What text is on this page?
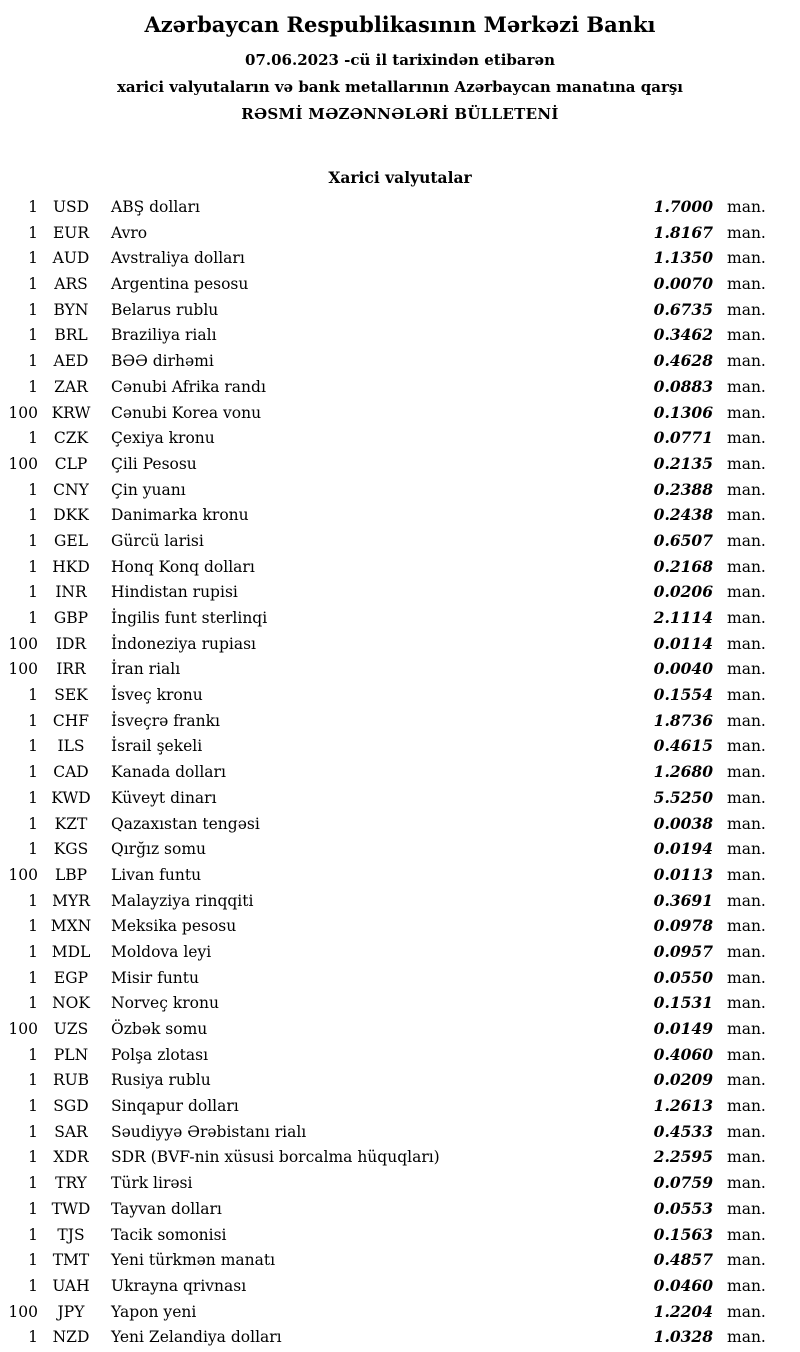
Azərbaycan Respublikasının Mərkəzi Bankı
07.06.2023 -cü il tarixindən etibarən
xarici valyutaların və bank metallarının Azərbaycan manatına qarşı
RƏSMİ MƏZƏNNƏLƏRİ BÜLLETENİ
Xarici valyutalar
1 USD	ABŞ dolları	1.7000 man.
1 EUR	Avro	1.8167 man.
1 AUD	Avstraliya dolları	1.1350 man.
1	ARS	Argentina pesosu	0.0070 man.
1	BYN	Belarus rublu	0.6735 man.
1	BRL	Braziliya rialı	0.3462 man.
1	AED	BƏƏ dirhəmi	0.4628 man.
1	ZAR	Cənubi Afrika randı	0.0883 man.
100 KRW	Cənubi Korea vonu	0.1306 man.
1	CZK	Çexiya kronu	0.0771 man.
100	CLP	Çili Pesosu	0.2135 man.
1 CNY	Çin yuanı	0.2388 man.
1 DKK	Danimarka kronu	0.2438 man.
1	GEL	Gürcü larisi	0.6507 man.
1 HKD	Honq Konq dolları	0.2168 man.
1	INR	Hindistan rupisi	0.0206 man.
1	GBP	İngilis funt sterlinqi	2.1114 man.
100	IDR	İndoneziya rupiası	0.0114 man.
100	IRR	İran rialı	0.0040 man.
1	SEK	İsveç kronu	0.1554 man.
1 CHF	İsveçrə frankı	1.8736 man.
1	ILS	İsrail şekeli	0.4615 man.
1 CAD	Kanada dolları	1.2680 man.
1 KWD	Küveyt dinarı	5.5250 man.
1	KZT	Qazaxıstan tengəsi	0.0038 man.
1	KGS	Qırğız somu	0.0194 man.
100	LBP	Livan funtu	0.0113 man.
1 MYR	Malayziya rinqqiti	0.3691 man.
1 MXN	Meksika pesosu	0.0978 man.
1 MDL	Moldova leyi	0.0957 man.
1	EGP	Misir funtu	0.0550 man.
1 NOK	Norveç kronu	0.1531 man.
100	UZS	Özbək somu	0.0149 man.
1	PLN	Polşa zlotası	0.4060 man.
1 RUB	Rusiya rublu	0.0209 man.
1 SGD	Sinqapur dolları	1.2613 man.
1	SAR	Səudiyyə Ərəbistanı rialı	0.4533 man.
1 XDR	SDR (BVF-nin xüsusi borcalma hüquqları)	2.2595 man.
1	TRY	Türk lirəsi	0.0759 man.
1 TWD	Tayvan dolları	0.0553 man.
1	TJS	Tacik somonisi	0.1563 man.
1 TMT	Yeni türkmən manatı	0.4857 man.
1 UAH	Ukrayna qrivnası	0.0460 man.
100	JPY	Yapon yeni	1.2204 man.
1 NZD	Yeni Zelandiya dolları	1.0328 man.
